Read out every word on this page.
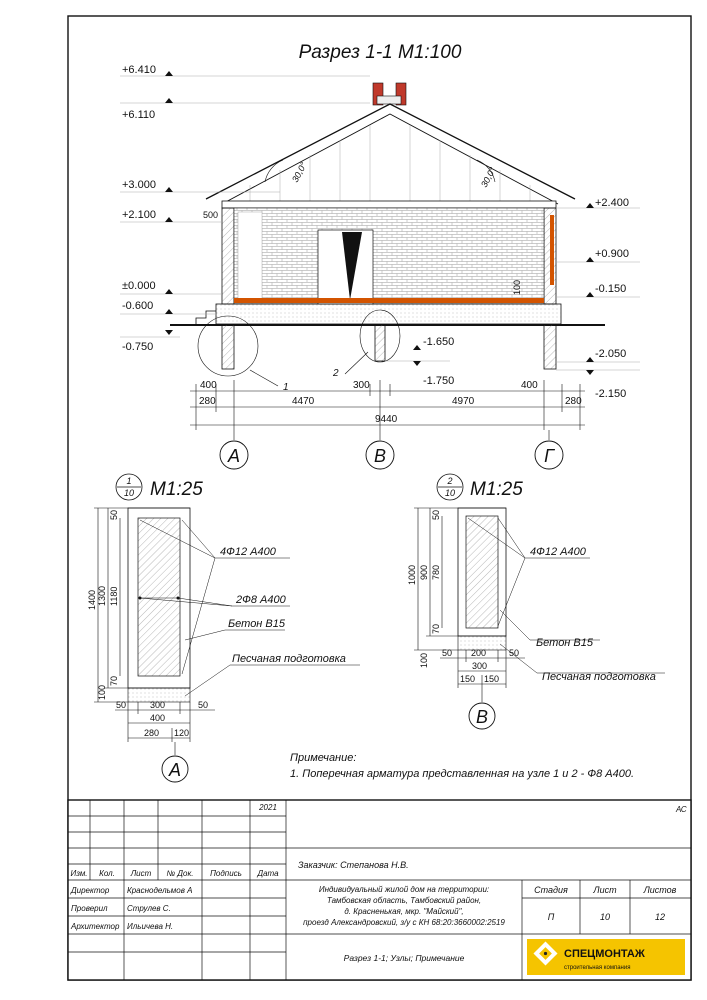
Разрез 1-1 М1:100
30,0°	30,0°
1
2
+6.410
+6.110
+3.000
+2.100
±0.000
-0.600
-0.750
+2.400
+0.900
-0.150
-2.050
-2.150
-1.650
-1.750
500
100
400
280	4470
300
4970
400
280
9440
А	В	Г
1
10 М1:25
1400 1300 1180
50
70
100
50	300	50
400
280 120
4Ф12 А400
2Ф8 А400
Бетон В15
Песчаная подготовка
А
2
10 М1:25
1000 900 780
50
70
100 50 200	50
300
150 150
4Ф12 А400
Бетон В15
Песчаная подготовка
В
Примечание:
1. Поперечная арматура представленная на узле 1 и 2 - Ф8 А400.
2021	АС
Изм. Кол. Лист № Док. Подпись Дата
Директор Краснодельмов А
Проверил Струлев С.
Архитектор Ильичева Н.
Заказчик: Степанова Н.В.
Индивидуальный жилой дом на территории:
Тамбовская область, Тамбовский район,
д. Красненькая, мкр. "Майский",
проезд Александровский, з/у с КН 68:20:3660002:2519
Стадия	Лист	Листов
П	10	12
Разрез 1-1; Узлы; Примечание	СПЕЦМОНТАЖ
строительная компания
